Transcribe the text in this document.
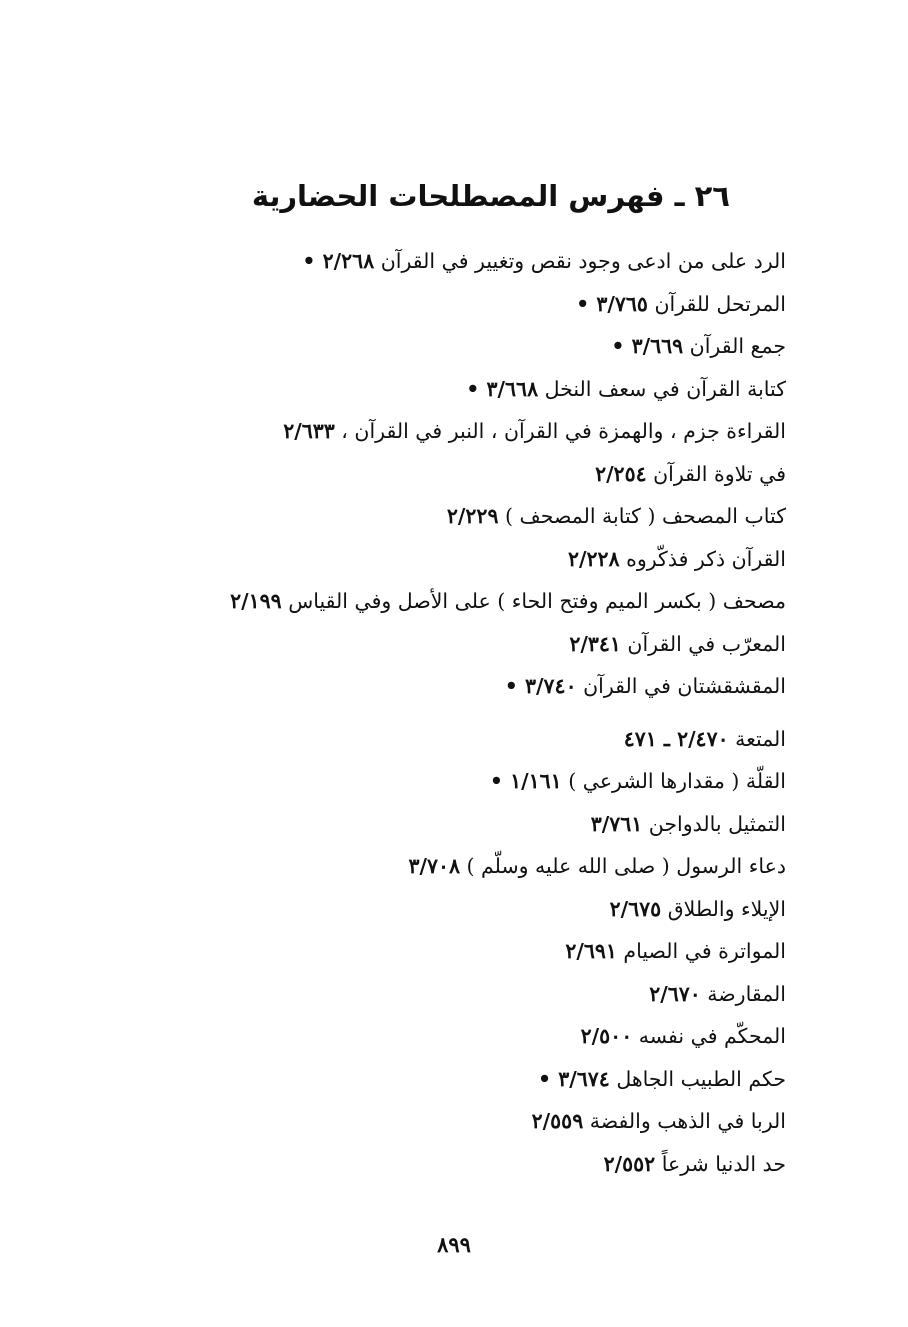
٢٦ ـ فهرس المصطلحات الحضارية
الرد على من ادعى وجود نقص وتغيير في القرآن ٢/٢٦٨ •
المرتحل للقرآن ٣/٧٦٥ •
جمع القرآن ٣/٦٦٩ •
كتابة القرآن في سعف النخل ٣/٦٦٨ •
القراءة جزم ، والهمزة في القرآن ، النبر في القرآن ، ٢/٦٣٣
في تلاوة القرآن ٢/٢٥٤
كتاب المصحف ( كتابة المصحف ) ٢/٢٢٩
القرآن ذكر فذكّروه ٢/٢٢٨
مصحف ( بكسر الميم وفتح الحاء ) على الأصل وفي القياس ٢/١٩٩
المعرّب في القرآن ٢/٣٤١
المقشقشتان في القرآن ٣/٧٤٠ •
المتعة ٢/٤٧٠ ـ ٤٧١
القلّة ( مقدارها الشرعي ) ١/١٦١ •
التمثيل بالدواجن ٣/٧٦١
دعاء الرسول ( صلى الله عليه وسلّم ) ٣/٧٠٨
الإيلاء والطلاق ٢/٦٧٥
المواترة في الصيام ٢/٦٩١
المقارضة ٢/٦٧٠
المحكّم في نفسه ٢/٥٠٠
حكم الطبيب الجاهل ٣/٦٧٤ •
الربا في الذهب والفضة ٢/٥٥٩
حد الدنيا شرعاً ٢/٥٥٢
٨٩٩
